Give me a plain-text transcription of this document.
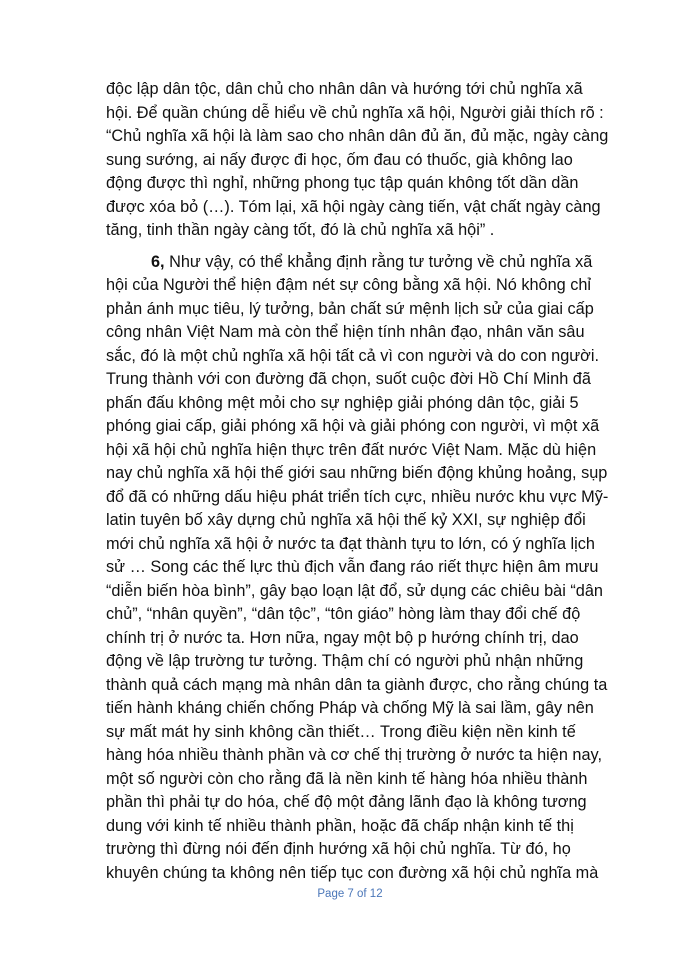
độc lập dân tộc, dân chủ cho nhân dân và hướng tới chủ nghĩa xã
hội. Để quần chúng dễ hiểu về chủ nghĩa xã hội, Người giải thích rõ :
“Chủ nghĩa xã hội là làm sao cho nhân dân đủ ăn, đủ mặc, ngày càng
sung sướng, ai nấy được đi học, ốm đau có thuốc, già không lao
động được thì nghỉ, những phong tục tập quán không tốt dần dần
được xóa bỏ (…). Tóm lại, xã hội ngày càng tiến, vật chất ngày càng
tăng, tinh thần ngày càng tốt, đó là chủ nghĩa xã hội” .
6, Như vậy, có thể khẳng định rằng tư tưởng về chủ nghĩa xã
hội của Người thể hiện đậm nét sự công bằng xã hội. Nó không chỉ
phản ánh mục tiêu, lý tưởng, bản chất sứ mệnh lịch sử của giai cấp
công nhân Việt Nam mà còn thể hiện tính nhân đạo, nhân văn sâu
sắc, đó là một chủ nghĩa xã hội tất cả vì con người và do con người.
Trung thành với con đường đã chọn, suốt cuộc đời Hồ Chí Minh đã
phấn đấu không mệt mỏi cho sự nghiệp giải phóng dân tộc, giải 5
phóng giai cấp, giải phóng xã hội và giải phóng con người, vì một xã
hội xã hội chủ nghĩa hiện thực trên đất nước Việt Nam. Mặc dù hiện
nay chủ nghĩa xã hội thế giới sau những biến động khủng hoảng, sụp
đổ đã có những dấu hiệu phát triển tích cực, nhiều nước khu vực Mỹ-
latin tuyên bố xây dựng chủ nghĩa xã hội thế kỷ XXI, sự nghiệp đổi
mới chủ nghĩa xã hội ở nước ta đạt thành tựu to lớn, có ý nghĩa lịch
sử … Song các thế lực thù địch vẫn đang ráo riết thực hiện âm mưu
“diễn biến hòa bình”, gây bạo loạn lật đổ, sử dụng các chiêu bài “dân
chủ”, “nhân quyền”, “dân tộc”, “tôn giáo” hòng làm thay đổi chế độ
chính trị ở nước ta. Hơn nữa, ngay một bộ p hướng chính trị, dao
động về lập trường tư tưởng. Thậm chí có người phủ nhận những
thành quả cách mạng mà nhân dân ta giành được, cho rằng chúng ta
tiến hành kháng chiến chống Pháp và chống Mỹ là sai lầm, gây nên
sự mất mát hy sinh không cần thiết… Trong điều kiện nền kinh tế
hàng hóa nhiều thành phần và cơ chế thị trường ở nước ta hiện nay,
một số người còn cho rằng đã là nền kinh tế hàng hóa nhiều thành
phần thì phải tự do hóa, chế độ một đảng lãnh đạo là không tương
dung với kinh tế nhiều thành phần, hoặc đã chấp nhận kinh tế thị
trường thì đừng nói đến định hướng xã hội chủ nghĩa. Từ đó, họ
khuyên chúng ta không nên tiếp tục con đường xã hội chủ nghĩa mà
Page 7 of 12
